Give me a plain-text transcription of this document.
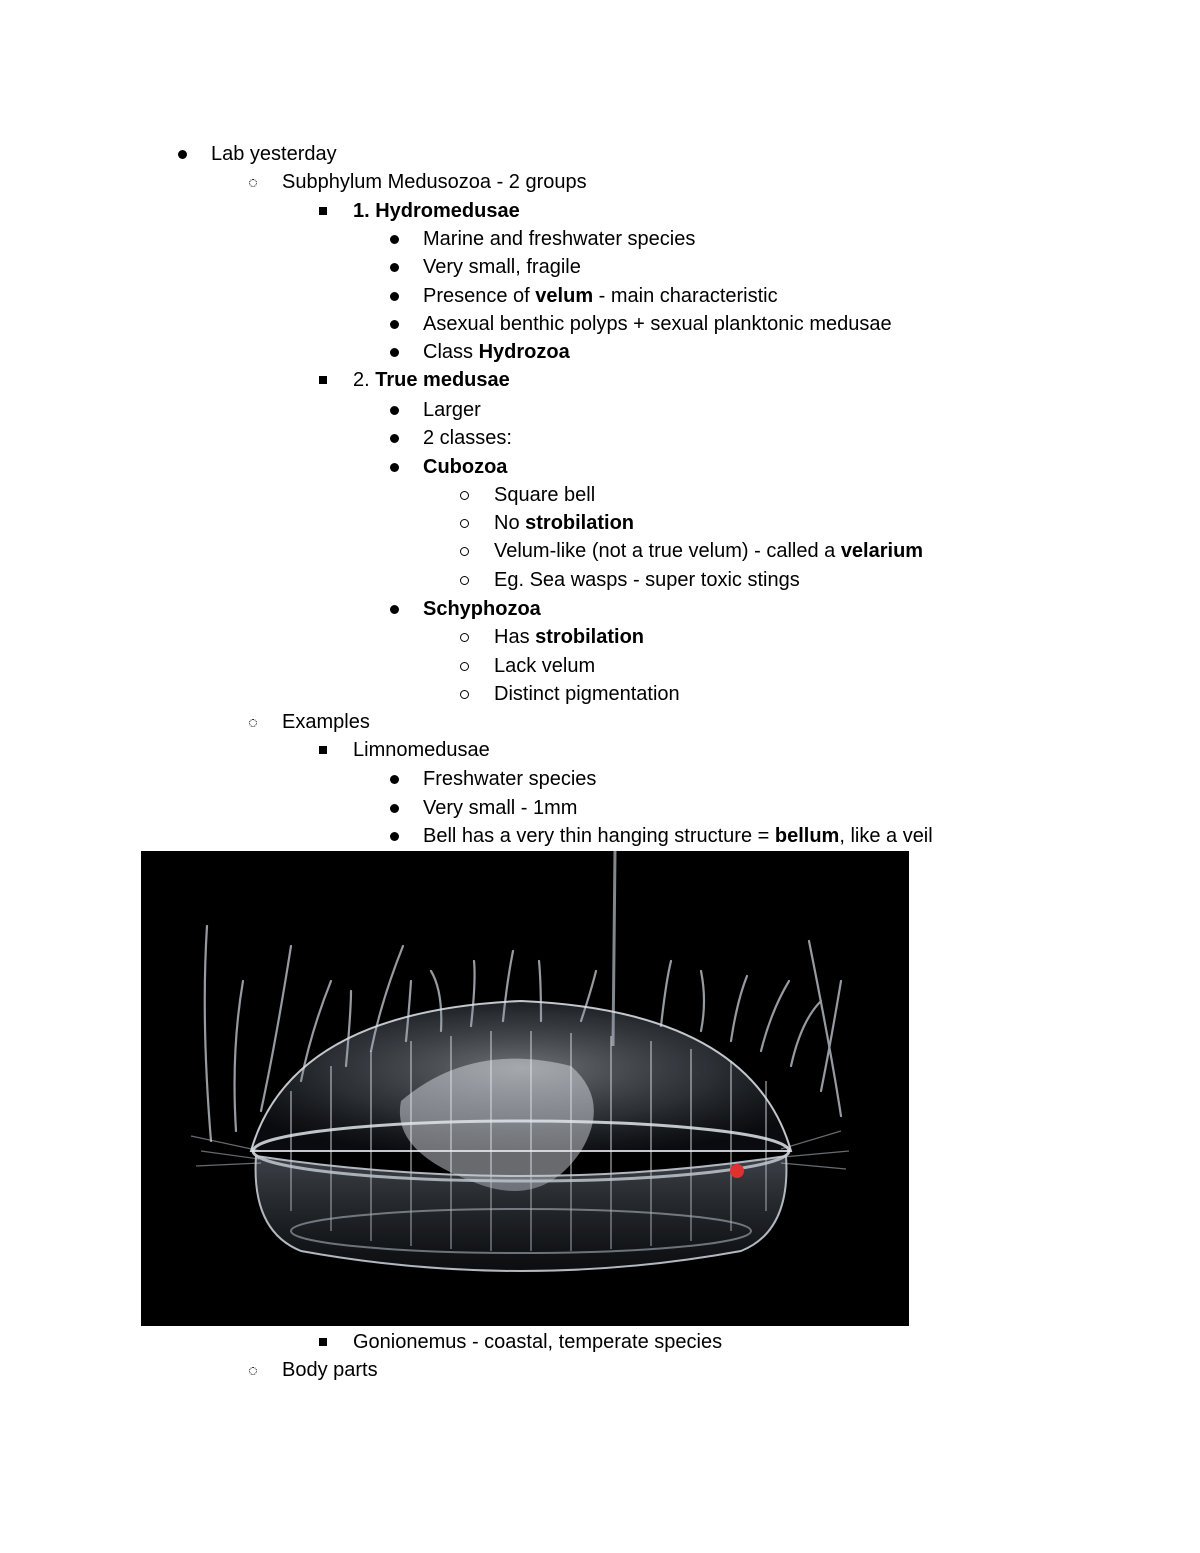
Lab yesterday
Subphylum Medusozoa - 2 groups
1. Hydromedusae
Marine and freshwater species
Very small, fragile
Presence of velum - main characteristic
Asexual benthic polyps + sexual planktonic medusae
Class Hydrozoa
2. True medusae
Larger
2 classes:
Cubozoa
Square bell
No strobilation
Velum-like (not a true velum) - called a velarium
Eg. Sea wasps - super toxic stings
Schyphozoa
Has strobilation
Lack velum
Distinct pigmentation
Examples
Limnomedusae
Freshwater species
Very small - 1mm
Bell has a very thin hanging structure = bellum, like a veil
Gonionemus - coastal, temperate species
Body parts
